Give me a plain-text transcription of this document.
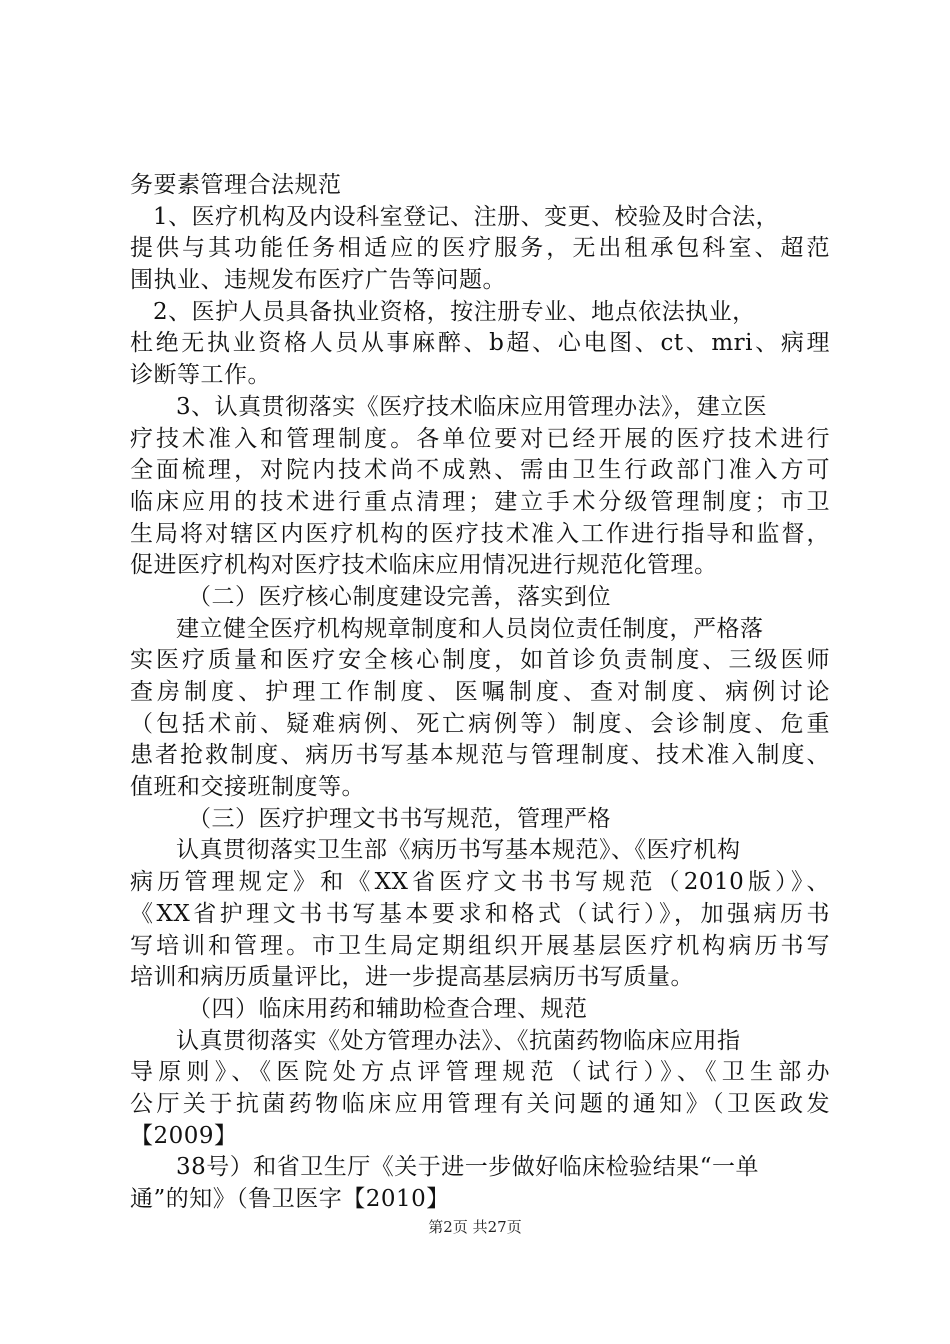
务要素管理合法规范
1、医疗机构及内设科室登记、注册、变更、校验及时合法，
提供与其功能任务相适应的医疗服务，无出租承包科室、超范
围执业、违规发布医疗广告等问题。
2、医护人员具备执业资格，按注册专业、地点依法执业，
杜绝无执业资格人员从事麻醉、b超、心电图、ct、mri、病理
诊断等工作。
3、认真贯彻落实《医疗技术临床应用管理办法》，建立医
疗技术准入和管理制度。各单位要对已经开展的医疗技术进行
全面梳理，对院内技术尚不成熟、需由卫生行政部门准入方可
临床应用的技术进行重点清理；建立手术分级管理制度；市卫
生局将对辖区内医疗机构的医疗技术准入工作进行指导和监督，
促进医疗机构对医疗技术临床应用情况进行规范化管理。
（二）医疗核心制度建设完善，落实到位
建立健全医疗机构规章制度和人员岗位责任制度，严格落
实医疗质量和医疗安全核心制度，如首诊负责制度、三级医师
查房制度、护理工作制度、医嘱制度、查对制度、病例讨论
（包括术前、疑难病例、死亡病例等）制度、会诊制度、危重
患者抢救制度、病历书写基本规范与管理制度、技术准入制度、
值班和交接班制度等。
（三）医疗护理文书书写规范，管理严格
认真贯彻落实卫生部《病历书写基本规范》、《医疗机构
病历管理规定》和《XX省医疗文书书写规范（2010版）》、
《XX省护理文书书写基本要求和格式（试行）》，加强病历书
写培训和管理。市卫生局定期组织开展基层医疗机构病历书写
培训和病历质量评比，进一步提高基层病历书写质量。
（四）临床用药和辅助检查合理、规范
认真贯彻落实《处方管理办法》、《抗菌药物临床应用指
导原则》、《医院处方点评管理规范（试行）》、《卫生部办
公厅关于抗菌药物临床应用管理有关问题的通知》（卫医政发
【2009】
38号）和省卫生厅《关于进一步做好临床检验结果“一单
通”的知》（鲁卫医字【2010】
第2页 共27页
